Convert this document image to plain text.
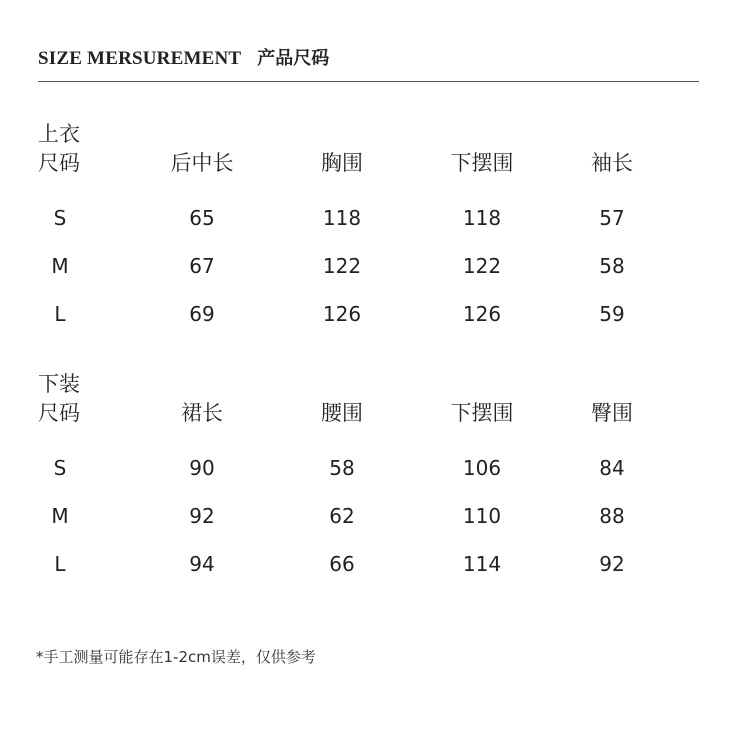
SIZE MERSUREMENT 产品尺码
上衣
尺码	后中长	胸围	下摆围	袖长
S	65	118	118	57
M	67	122	122	58
L	69	126	126	59
下装
尺码	裙长	腰围	下摆围	臀围
S	90	58	106	84
M	92	62	110	88
L	94	66	114	92
*手工测量可能存在1-2cm误差，仅供参考
